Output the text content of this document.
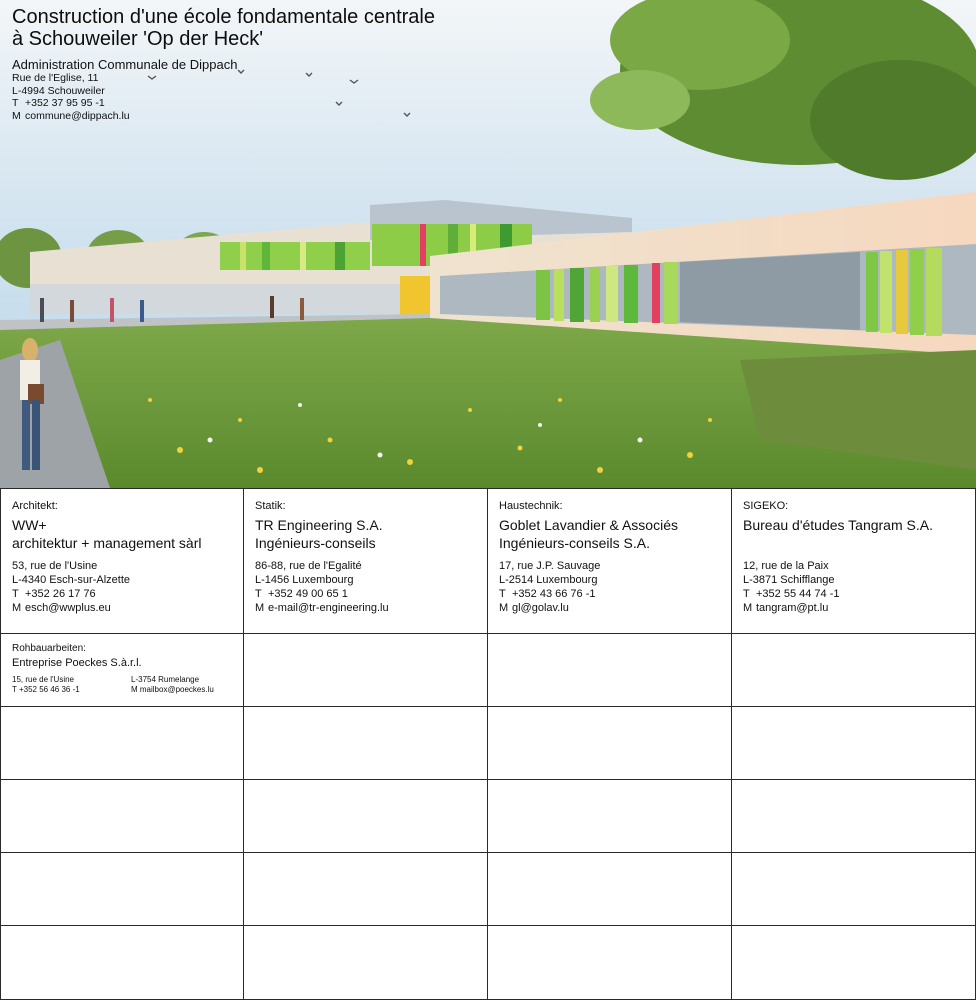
Construction d'une école fondamentale centrale
à Schouweiler 'Op der Heck'
Administration Communale de Dippach
Rue de l'Eglise, 11
L-4994 Schouweiler
T +352 37 95 95 -1
M commune@dippach.lu
Architekt:
WW+
architektur + management sàrl
53, rue de l'Usine
L-4340 Esch-sur-Alzette
T +352 26 17 76
M esch@wwplus.eu
Statik:
TR Engineering S.A.
Ingénieurs-conseils
86-88, rue de l'Egalité
L-1456 Luxembourg
T +352 49 00 65 1
M e-mail@tr-engineering.lu
Haustechnik:
Goblet Lavandier & Associés
Ingénieurs-conseils S.A.
17, rue J.P. Sauvage
L-2514 Luxembourg
T +352 43 66 76 -1
M gl@golav.lu
SIGEKO:
Bureau d'études Tangram S.A.
12, rue de la Paix
L-3871 Schifflange
T +352 55 44 74 -1
M tangram@pt.lu
Rohbauarbeiten:
Entreprise Poeckes S.à.r.l.
15, rue de l'Usine
T +352 56 46 36 -1
L-3754 Rumelange
M mailbox@poeckes.lu
